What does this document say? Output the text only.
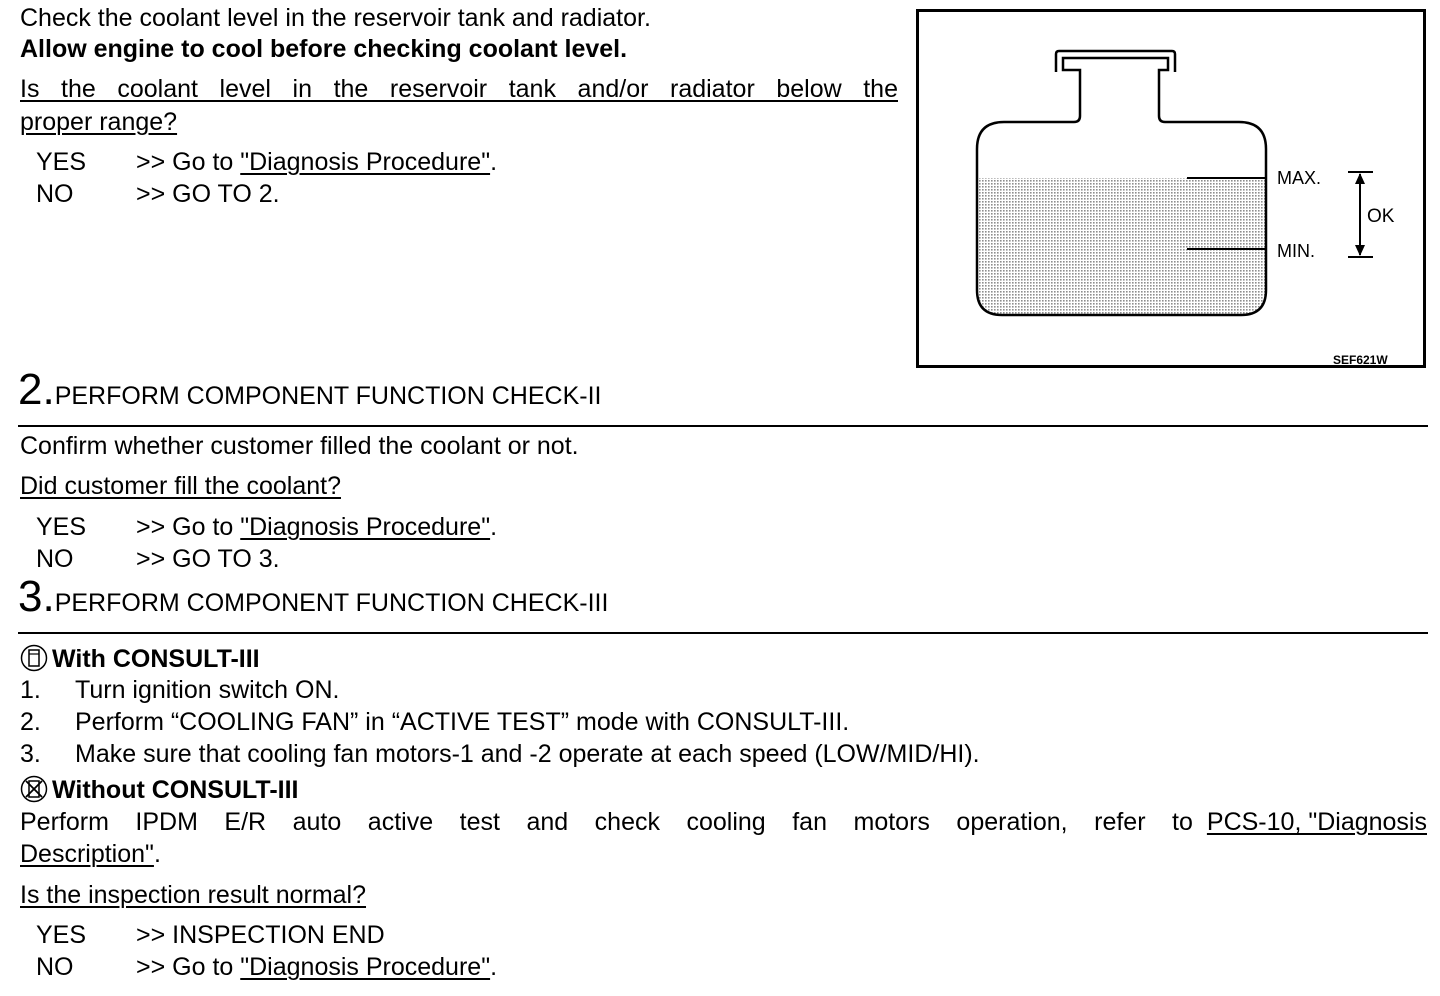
Check the coolant level in the reservoir tank and radiator.
Allow engine to cool before checking coolant level.
Is the coolant level in the reservoir tank and/or radiator below the
proper range?
YES >> Go to "Diagnosis Procedure".
NO	>> GO TO 2.
MAX.
MIN.
OK
SEF621W
2.PERFORM COMPONENT FUNCTION CHECK-II
Confirm whether customer filled the coolant or not.
Did customer fill the coolant?
YES >> Go to "Diagnosis Procedure".
NO	>> GO TO 3.
3.PERFORM COMPONENT FUNCTION CHECK-III
With CONSULT-III
1. Turn ignition switch ON.
2. Perform “COOLING FAN” in “ACTIVE TEST” mode with CONSULT-III.
3. Make sure that cooling fan motors-1 and -2 operate at each speed (LOW/MID/HI).
Without CONSULT-III
Perform IPDM E/R auto active test and check cooling fan motors operation, refer to PCS-10, "Diagnosis
Description".
Is the inspection result normal?
YES >> INSPECTION END
NO	>> Go to "Diagnosis Procedure".
